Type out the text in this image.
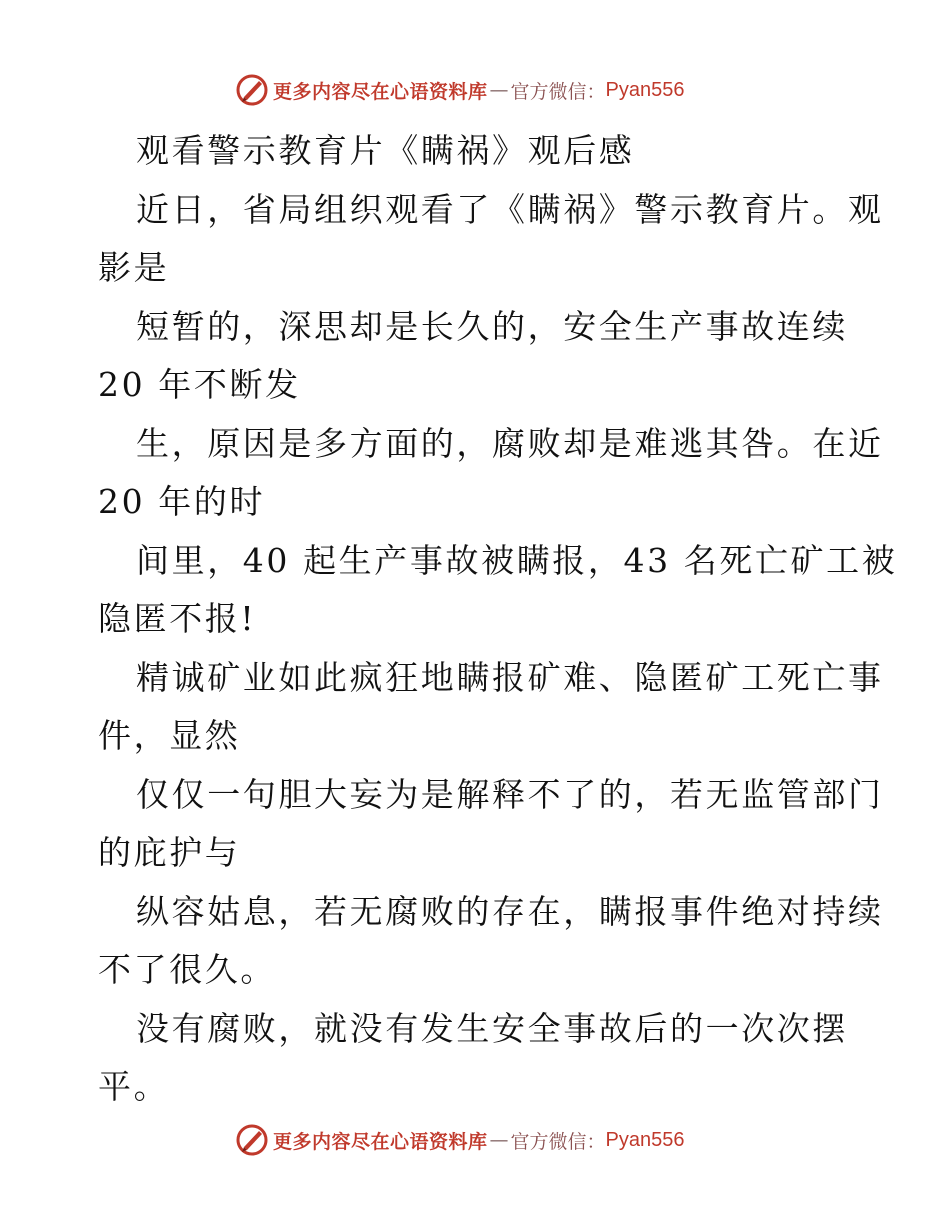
更多内容尽在心语资料库 — 官方微信： Pyan556
观看警示教育片《瞒祸》观后感
近日，省局组织观看了《瞒祸》警示教育片。观
影是
短暂的，深思却是长久的，安全生产事故连续
20 年不断发
生，原因是多方面的，腐败却是难逃其咎。在近
20 年的时
间里，40 起生产事故被瞒报，43 名死亡矿工被
隐匿不报!
精诚矿业如此疯狂地瞒报矿难、隐匿矿工死亡事
件，显然
仅仅一句胆大妄为是解释不了的，若无监管部门
的庇护与
纵容姑息，若无腐败的存在，瞒报事件绝对持续
不了很久。
没有腐败，就没有发生安全事故后的一次次摆
平。
更多内容尽在心语资料库 — 官方微信： Pyan556
